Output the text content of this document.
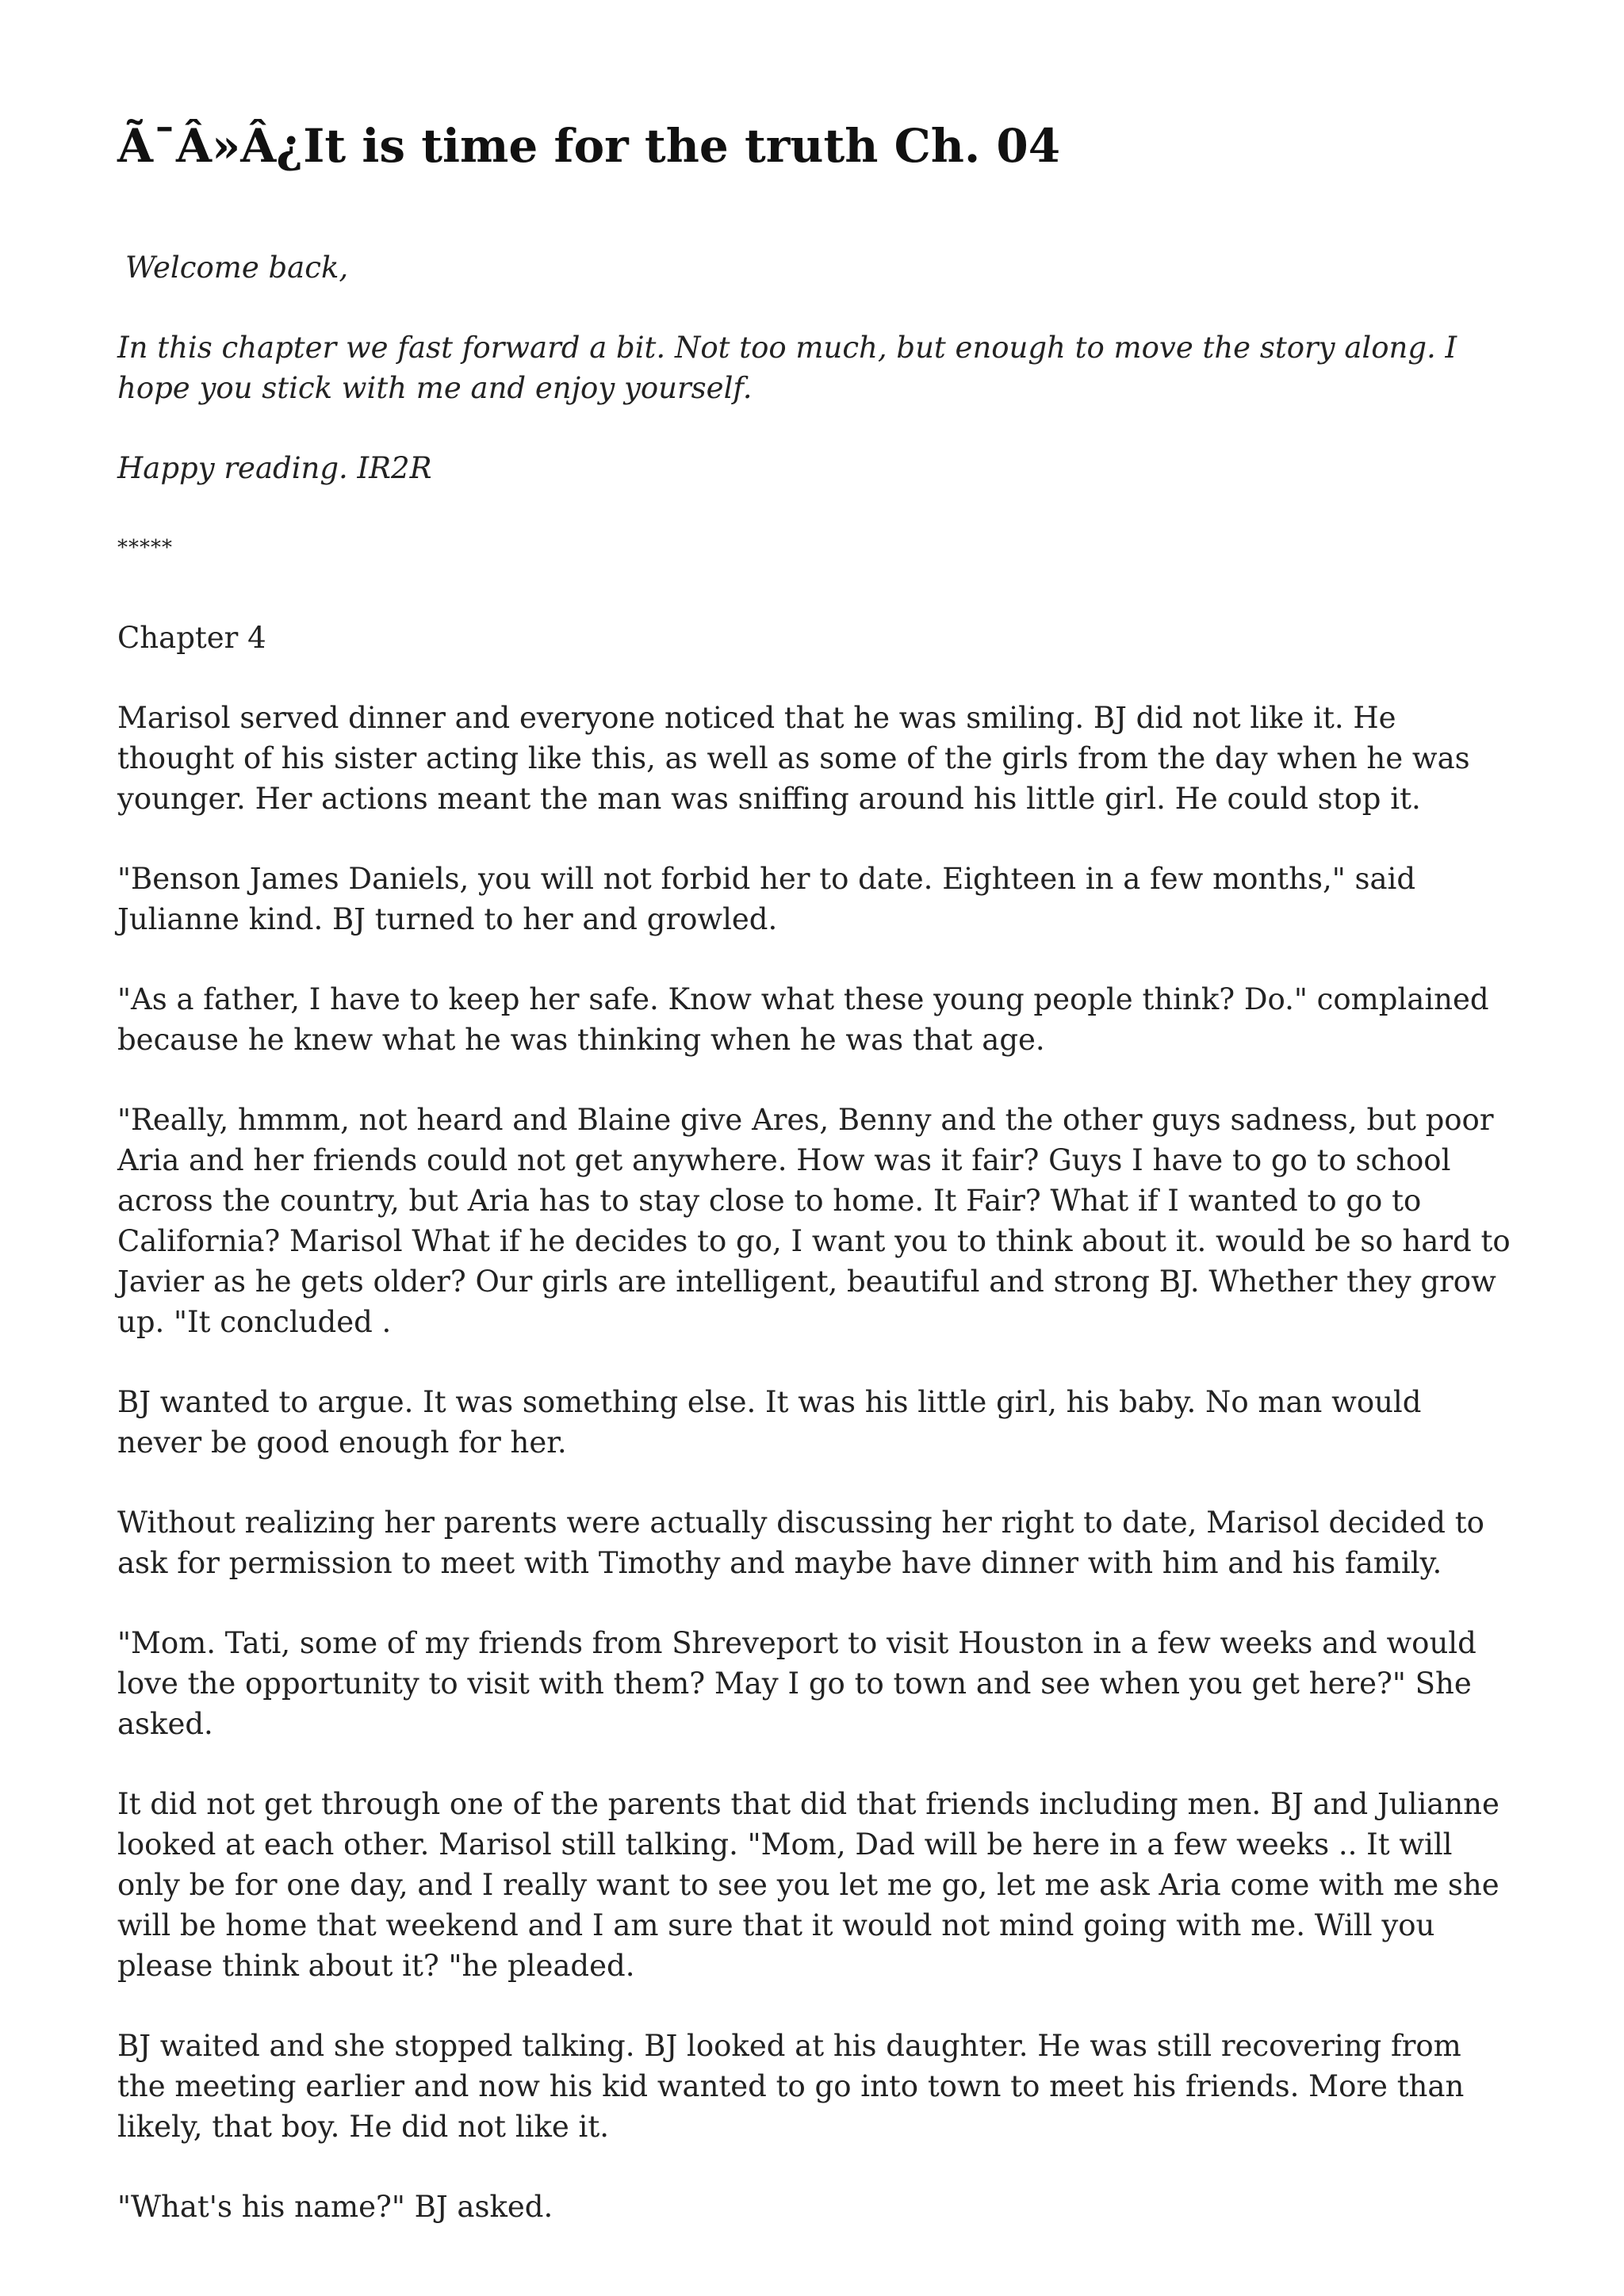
Ã¯Â»Â¿It is time for the truth Ch. 04

Welcome back,

In this chapter we fast forward a bit. Not too much, but enough to move the story along. I hope you stick with me and enjoy yourself.

Happy reading. IR2R

*****

Chapter 4

Marisol served dinner and everyone noticed that he was smiling. BJ did not like it. He thought of his sister acting like this, as well as some of the girls from the day when he was younger. Her actions meant the man was sniffing around his little girl. He could stop it.

"Benson James Daniels, you will not forbid her to date. Eighteen in a few months," said Julianne kind. BJ turned to her and growled.

"As a father, I have to keep her safe. Know what these young people think? Do." complained because he knew what he was thinking when he was that age.

"Really, hmmm, not heard and Blaine give Ares, Benny and the other guys sadness, but poor Aria and her friends could not get anywhere. How was it fair? Guys I have to go to school across the country, but Aria has to stay close to home. It Fair? What if I wanted to go to California? Marisol What if he decides to go, I want you to think about it. would be so hard to Javier as he gets older? Our girls are intelligent, beautiful and strong BJ. Whether they grow up. "It concluded .

BJ wanted to argue. It was something else. It was his little girl, his baby. No man would never be good enough for her.

Without realizing her parents were actually discussing her right to date, Marisol decided to ask for permission to meet with Timothy and maybe have dinner with him and his family.

"Mom. Tati, some of my friends from Shreveport to visit Houston in a few weeks and would love the opportunity to visit with them? May I go to town and see when you get here?" She asked.

It did not get through one of the parents that did that friends including men. BJ and Julianne looked at each other. Marisol still talking. "Mom, Dad will be here in a few weeks .. It will only be for one day, and I really want to see you let me go, let me ask Aria come with me she will be home that weekend and I am sure that it would not mind going with me. Will you please think about it? "he pleaded.

BJ waited and she stopped talking. BJ looked at his daughter. He was still recovering from the meeting earlier and now his kid wanted to go into town to meet his friends. More than likely, that boy. He did not like it.

"What's his name?" BJ asked.
